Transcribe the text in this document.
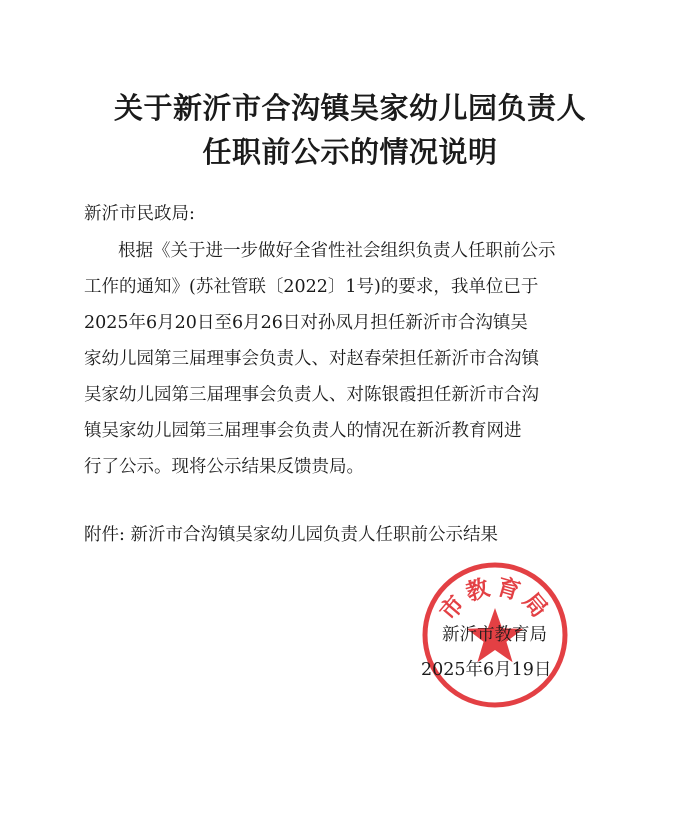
关于新沂市合沟镇吴家幼儿园负责人
任职前公示的情况说明
新沂市民政局:
根据《关于进一步做好全省性社会组织负责人任职前公示
工作的通知》(苏社管联〔2022〕1号)的要求，我单位已于
2025年6月20日至6月26日对孙凤月担任新沂市合沟镇吴
家幼儿园第三届理事会负责人、对赵春荣担任新沂市合沟镇
吴家幼儿园第三届理事会负责人、对陈银霞担任新沂市合沟
镇吴家幼儿园第三届理事会负责人的情况在新沂教育网进
行了公示。现将公示结果反馈贵局。
附件: 新沂市合沟镇吴家幼儿园负责人任职前公示结果
市教育局
新沂市教育局
2025年6月19日
